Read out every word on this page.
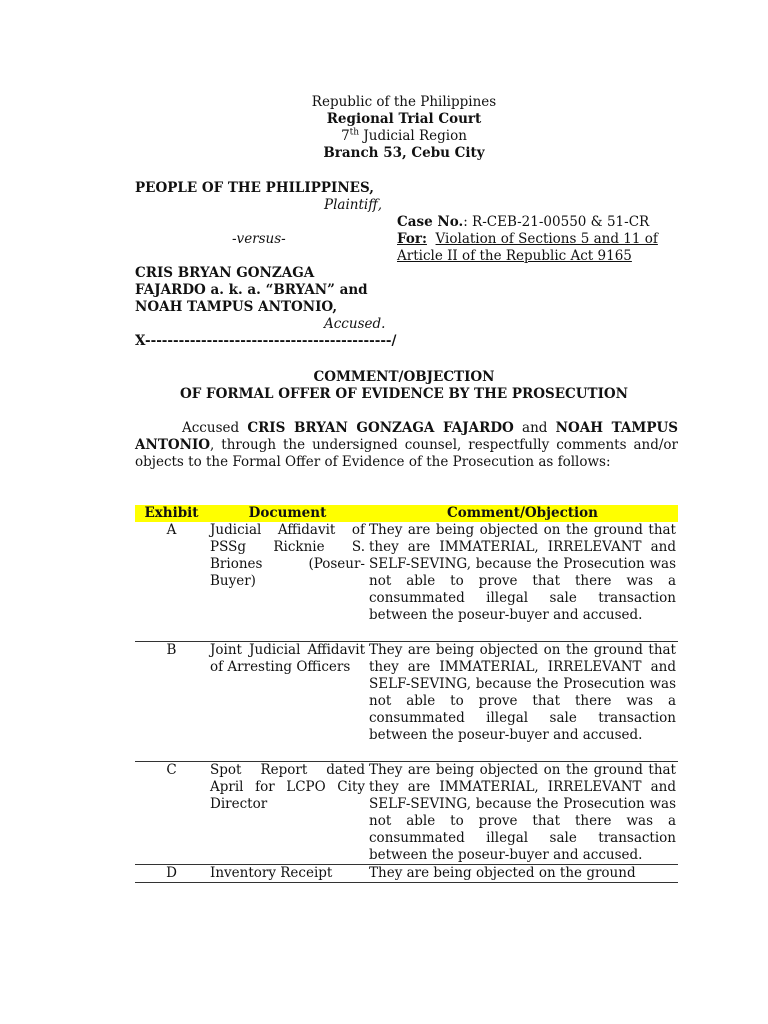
Republic of the Philippines
Regional Trial Court
7th Judicial Region
Branch 53, Cebu City
PEOPLE OF THE PHILIPPINES,
Plaintiff,
-versus-
CRIS BRYAN GONZAGA
FAJARDO a. k. a. “BRYAN” and
NOAH TAMPUS ANTONIO,
Accused.
X--------------------------------------------/
Case No.: R-CEB-21-00550 & 51-CR
For: Violation of Sections 5 and 11 of
Article II of the Republic Act 9165
COMMENT/OBJECTION
OF FORMAL OFFER OF EVIDENCE BY THE PROSECUTION
Accused CRIS BRYAN GONZAGA FAJARDO and NOAH TAMPUS ANTONIO, through the undersigned counsel, respectfully comments and/or objects to the Formal Offer of Evidence of the Prosecution as follows:
Exhibit	Document	Comment/Objection
A	Judicial Affidavit of PSSg Ricknie S. Briones (Poseur-Buyer)	They are being objected on the ground that they are IMMATERIAL, IRRELEVANT and SELF-SEVING, because the Prosecution was not able to prove that there was a consummated illegal sale transaction between the poseur-buyer and accused.
B	Joint Judicial Affidavit of Arresting Officers	They are being objected on the ground that they are IMMATERIAL, IRRELEVANT and SELF-SEVING, because the Prosecution was not able to prove that there was a consummated illegal sale transaction between the poseur-buyer and accused.
C	Spot Report dated April for LCPO City Director	They are being objected on the ground that they are IMMATERIAL, IRRELEVANT and SELF-SEVING, because the Prosecution was not able to prove that there was a consummated illegal sale transaction between the poseur-buyer and accused.
D	Inventory Receipt	They are being objected on the ground
